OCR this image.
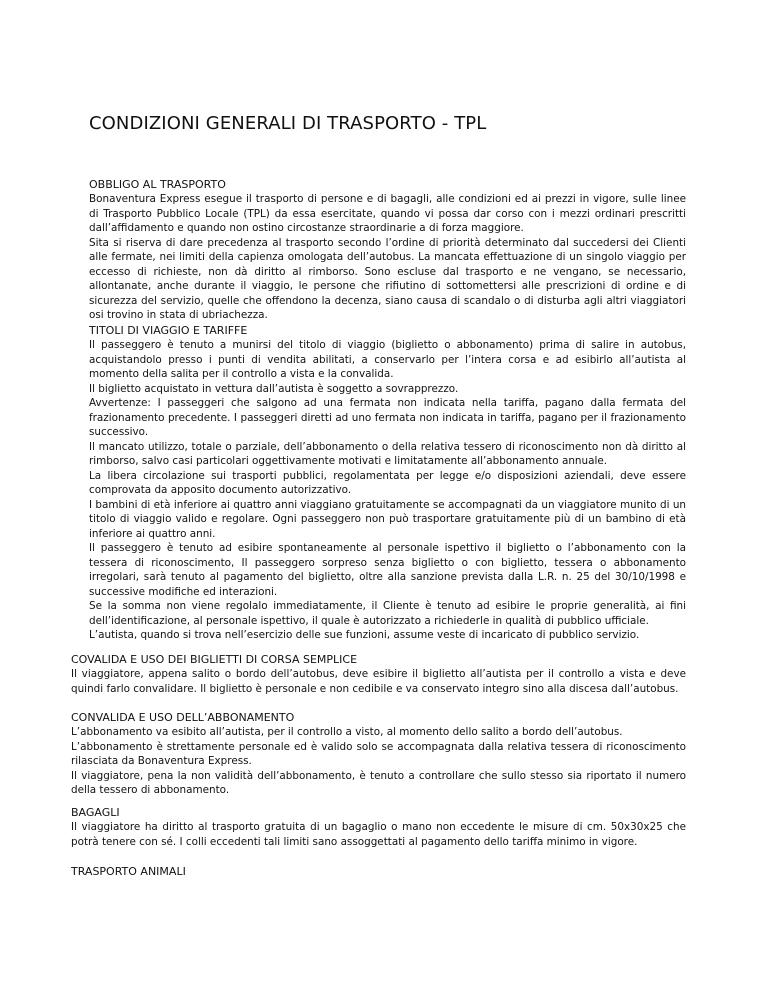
CONDIZIONI GENERALI DI TRASPORTO - TPL
OBBLIGO AL TRASPORTO

Bonaventura Express esegue il trasporto di persone e di bagagli, alle condizioni ed ai prezzi in vigore, sulle linee di Trasporto Pubblico Locale (TPL) da essa esercitate, quando vi possa dar corso con i mezzi ordinari prescritti dall’affidamento e quando non ostino circostanze straordinarie a di forza maggiore.

Sita si riserva di dare precedenza al trasporto secondo l’ordine di priorità determinato dal succedersi dei Clienti alle fermate, nei limiti della capienza omologata dell’autobus. La mancata effettuazione di un singolo viaggio per eccesso di richieste, non dà diritto al rimborso. Sono escluse dal trasporto e ne vengano, se necessario, allontanate, anche durante il viaggio, le persone che rifiutino di sottomettersi alle prescrizioni di ordine e di sicurezza del servizio, quelle che offendono la decenza, siano causa di scandalo o di disturba agli altri viaggiatori osi trovino in stata di ubriachezza.

TITOLI DI VIAGGIO E TARIFFE

Il passeggero è tenuto a munirsi del titolo di viaggio (biglietto o abbonamento) prima di salire in autobus, acquistandolo presso i punti di vendita abilitati, a conservarlo per l’intera corsa e ad esibirlo all’autista al momento della salita per il controllo a vista e la convalida.

Il biglietto acquistato in vettura dall’autista è soggetto a sovrapprezzo.

Avvertenze: I passeggeri che salgono ad una fermata non indicata nella tariffa, pagano dalla fermata del frazionamento precedente. I passeggeri diretti ad uno fermata non indicata in tariffa, pagano per il frazionamento successivo.

Il mancato utilizzo, totale o parziale, dell’abbonamento o della relativa tessero di riconoscimento non dà diritto al rimborso, salvo casi particolari oggettivamente motivati e limitatamente all’abbonamento annuale.

La libera circolazione sui trasporti pubblici, regolamentata per legge e/o disposizioni aziendali, deve essere comprovata da apposito documento autorizzativo.

I bambini di età inferiore ai quattro anni viaggiano gratuitamente se accompagnati da un viaggiatore munito di un titolo di viaggio valido e regolare. Ogni passeggero non può trasportare gratuitamente più di un bambino di età inferiore ai quattro anni.

Il passeggero è tenuto ad esibire spontaneamente al personale ispettivo il biglietto o l’abbonamento con la tessera di riconoscimento, Il passeggero sorpreso senza biglietto o con biglietto, tessera o abbonamento irregolari, sarà tenuto al pagamento del biglietto, oltre alla sanzione prevista dalla L.R. n. 25 del 30/10/1998 e successive modifiche ed interazioni.

Se la somma non viene regolalo immediatamente, il Cliente è tenuto ad esibire le proprie generalità, ai fini dell’identificazione, al personale ispettivo, il quale è autorizzato a richiederle in qualità di pubblico ufficiale.

L’autista, quando si trova nell’esercizio delle sue funzioni, assume veste di incaricato di pubblico servizio.

COVALIDA E USO DEI BIGLIETTI DI CORSA SEMPLICE

Il viaggiatore, appena salito o bordo dell’autobus, deve esibire il biglietto all’autista per il controllo a vista e deve quindi farlo convalidare. Il biglietto è personale e non cedibile e va conservato integro sino alla discesa dall’autobus.

CONVALIDA E USO DELL’ABBONAMENTO

L’abbonamento va esibito all’autista, per il controllo a visto, al momento dello salito a bordo dell’autobus.

L’abbonamento è strettamente personale ed è valido solo se accompagnata dalla relativa tessera di riconoscimento rilasciata da Bonaventura Express.

Il viaggiatore, pena la non validità dell’abbonamento, è tenuto a controllare che sullo stesso sia riportato il numero della tessero di abbonamento.

BAGAGLI

Il viaggiatore ha diritto al trasporto gratuita di un bagaglio o mano non eccedente le misure di cm. 50x30x25 che potrà tenere con sé. I colli eccedenti tali limiti sano assoggettati al pagamento dello tariffa minimo in vigore.

TRASPORTO ANIMALI
